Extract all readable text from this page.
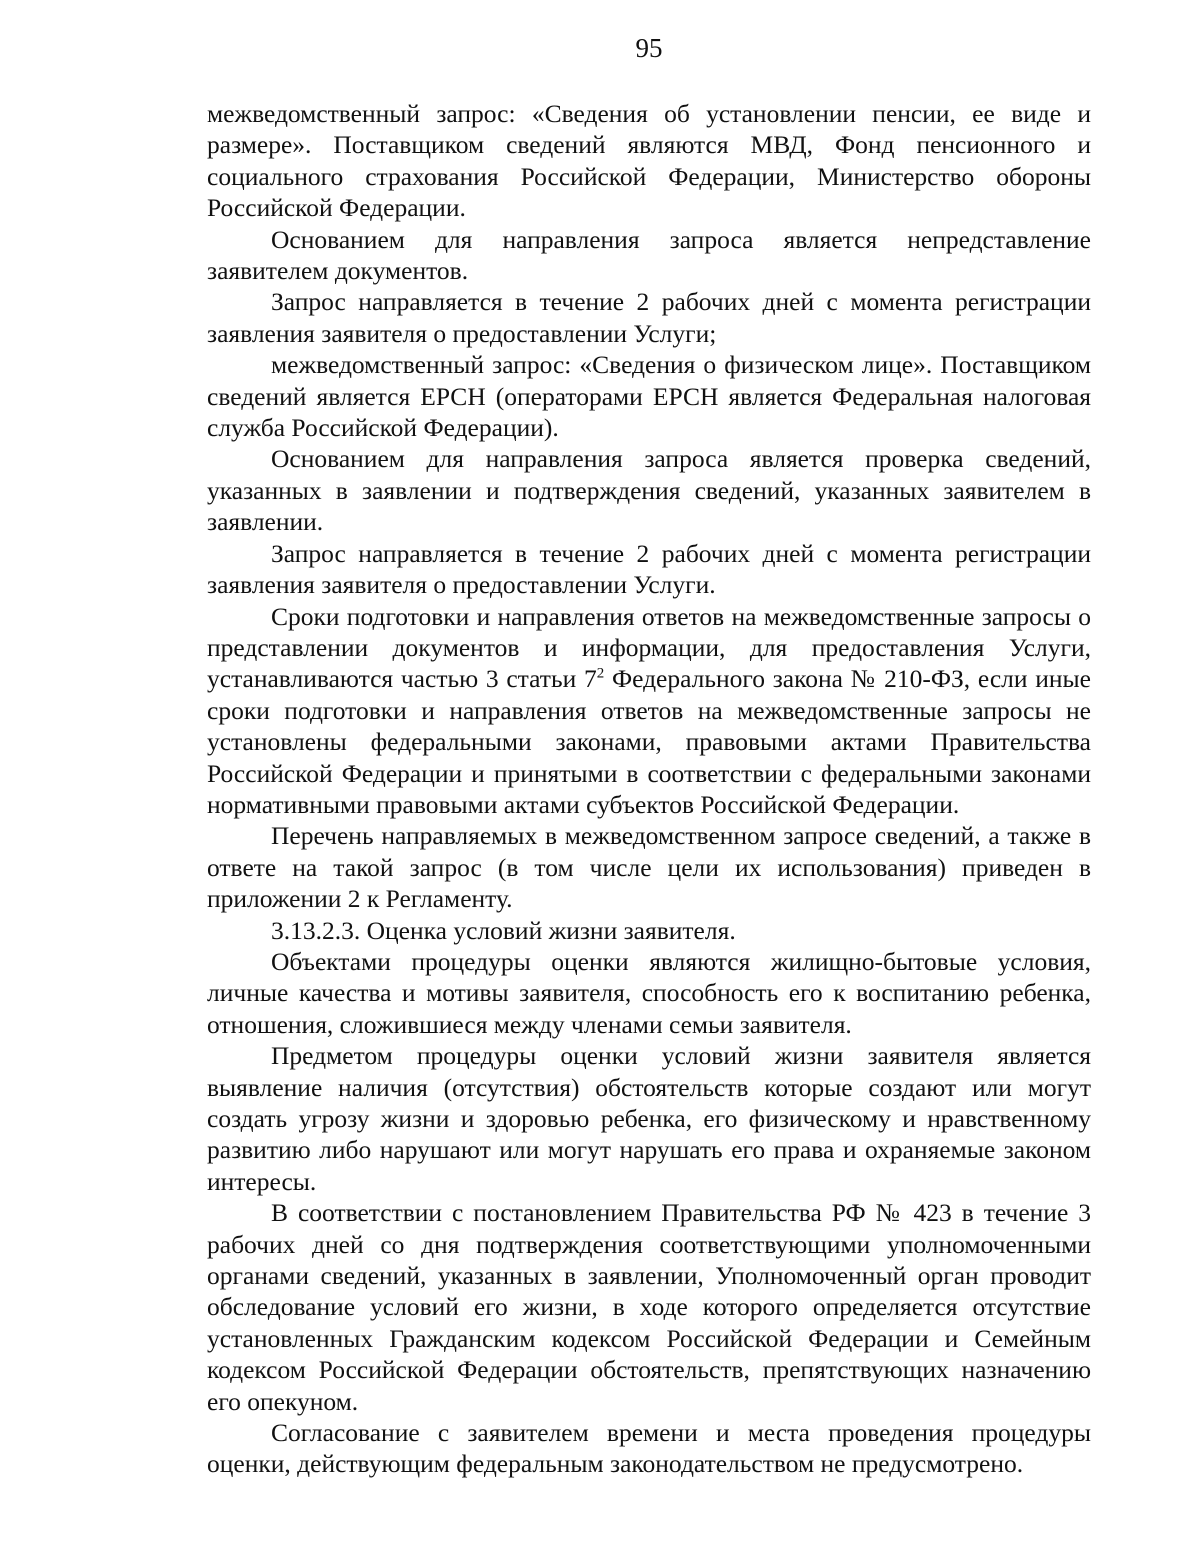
95

межведомственный запрос: «Сведения об установлении пенсии, ее виде и размере». Поставщиком сведений являются МВД, Фонд пенсионного и социального страхования Российской Федерации, Министерство обороны Российской Федерации.

Основанием для направления запроса является непредставление заявителем документов.

Запрос направляется в течение 2 рабочих дней с момента регистрации заявления заявителя о предоставлении Услуги;

межведомственный запрос: «Сведения о физическом лице». Поставщиком сведений является ЕРСН (операторами ЕРСН является Федеральная налоговая служба Российской Федерации).

Основанием для направления запроса является проверка сведений, указанных в заявлении и подтверждения сведений, указанных заявителем в заявлении.

Запрос направляется в течение 2 рабочих дней с момента регистрации заявления заявителя о предоставлении Услуги.

Сроки подготовки и направления ответов на межведомственные запросы о представлении документов и информации, для предоставления Услуги, устанавливаются частью 3 статьи $7^2$ Федерального закона № 210-ФЗ, если иные сроки подготовки и направления ответов на межведомственные запросы не установлены федеральными законами, правовыми актами Правительства Российской Федерации и принятыми в соответствии с федеральными законами нормативными правовыми актами субъектов Российской Федерации.

Перечень направляемых в межведомственном запросе сведений, а также в ответе на такой запрос (в том числе цели их использования) приведен в приложении 2 к Регламенту.

3.13.2.3. Оценка условий жизни заявителя.

Объектами процедуры оценки являются жилищно-бытовые условия, личные качества и мотивы заявителя, способность его к воспитанию ребенка, отношения, сложившиеся между членами семьи заявителя.

Предметом процедуры оценки условий жизни заявителя является выявление наличия (отсутствия) обстоятельств которые создают или могут создать угрозу жизни и здоровью ребенка, его физическому и нравственному развитию либо нарушают или могут нарушать его права и охраняемые законом интересы.

В соответствии с постановлением Правительства РФ № 423 в течение 3 рабочих дней со дня подтверждения соответствующими уполномоченными органами сведений, указанных в заявлении, Уполномоченный орган проводит обследование условий его жизни, в ходе которого определяется отсутствие установленных Гражданским кодексом Российской Федерации и Семейным кодексом Российской Федерации обстоятельств, препятствующих назначению его опекуном.

Согласование с заявителем времени и места проведения процедуры оценки, действующим федеральным законодательством не предусмотрено.
